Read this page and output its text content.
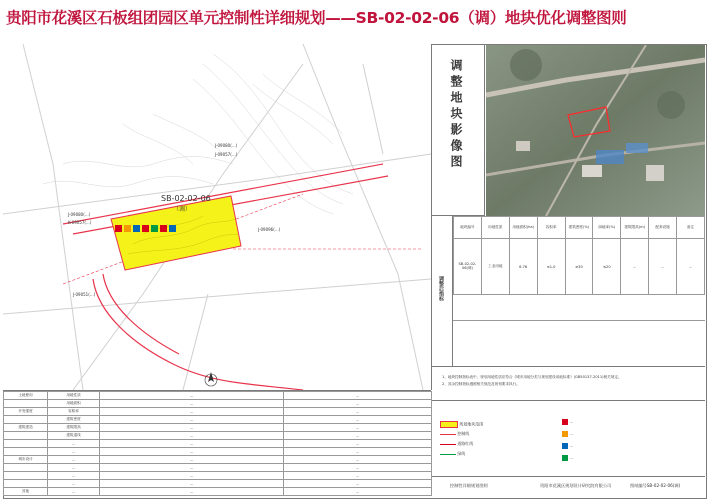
贵阳市花溪区石板组团园区单元控制性详细规划——SB-02-02-06（调）地块优化调整图则
SB-02-02-06
（调）
J-09080(…)
J-09057(…)
J-09080(…)
K-09057(…)
J-09096(…)
J-09051(…)
调整地块影像图
地块编号	用地性质	用地面积(ha)	容积率	建筑密度(%)	绿地率(%)	建筑限高(m)	配套设施	备注
SB-02-02-06(调)	工业用地	6.76	≤1.0	≥30	≤20	…	…	…
调整后指标
1、地块控制指标表中，规划用地性质应符合《城市用地分类与规划建设用地标准》(GB50137-2011)相关规定。
2、其余控制指标遵照相关规范及规划要求执行。
土地使用	用地性质	…	…
	用地面积	…	…
开发强度	容积率	…	…
	建筑密度	…	…
建筑建造	建筑限高	…	…
	建筑退线	…	…
	…	…	…
	…	…	…
城市设计	…	…	…
	…	…	…
	…	…	…
	…	…	…
其他	…	…	…
规划地块范围
控制线
道路红线
绿线
…
…
…
…
控制性详细规划图则	贵阳市花溪区规划设计研究院有限公司	图纸编号SB-02-02-06(调)
